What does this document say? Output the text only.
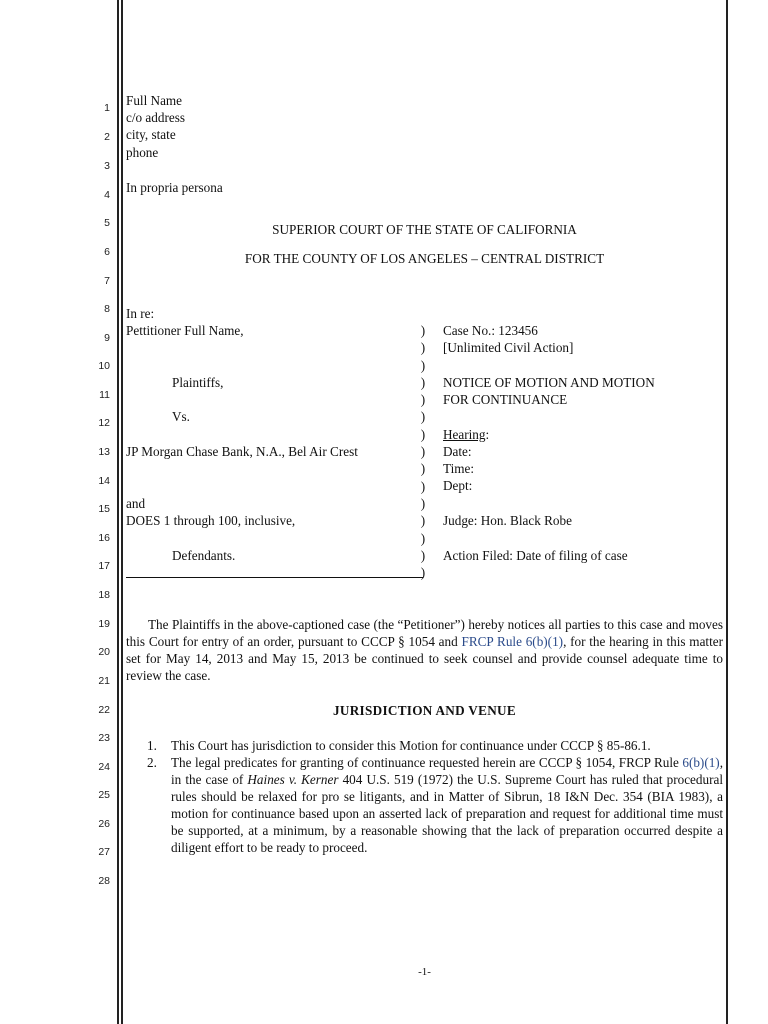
1
2
3
4
5
6
7
8
9
10
11
12
13
14
15
16
17
18
19
20
21
22
23
24
25
26
27
28
Full Name
c/o address
city, state
phone
In propria persona
SUPERIOR COURT OF THE STATE OF CALIFORNIA
FOR THE COUNTY OF LOS ANGELES – CENTRAL DISTRICT
In re:
Pettitioner Full Name,
Plaintiffs,
Vs.
JP Morgan Chase Bank, N.A., Bel Air Crest
and
DOES 1 through 100, inclusive,
Defendants.
)
)
)
)
)
)
)
)
)
)
)
)
)
)
)
Case No.: 123456
[Unlimited Civil Action]
NOTICE OF MOTION AND MOTION
FOR CONTINUANCE
Hearing:
Date:
Time:
Dept:
Judge: Hon. Black Robe
Action Filed: Date of filing of case
The Plaintiffs in the above-captioned case (the “Petitioner”) hereby notices all parties to this case and moves this Court for entry of an order, pursuant to CCCP § 1054 and FRCP Rule 6(b)(1), for the hearing in this matter set for May 14, 2013 and May 15, 2013 be continued to seek counsel and provide counsel adequate time to review the case.
JURISDICTION AND VENUE
1. This Court has jurisdiction to consider this Motion for continuance under CCCP § 85-86.1.
2. The legal predicates for granting of continuance requested herein are CCCP § 1054, FRCP Rule 6(b)(1), in the case of Haines v. Kerner 404 U.S. 519 (1972) the U.S. Supreme Court has ruled that procedural rules should be relaxed for pro se litigants, and in Matter of Sibrun, 18 I&N Dec. 354 (BIA 1983), a motion for continuance based upon an asserted lack of preparation and request for additional time must be supported, at a minimum, by a reasonable showing that the lack of preparation occurred despite a diligent effort to be ready to proceed.
-1-
